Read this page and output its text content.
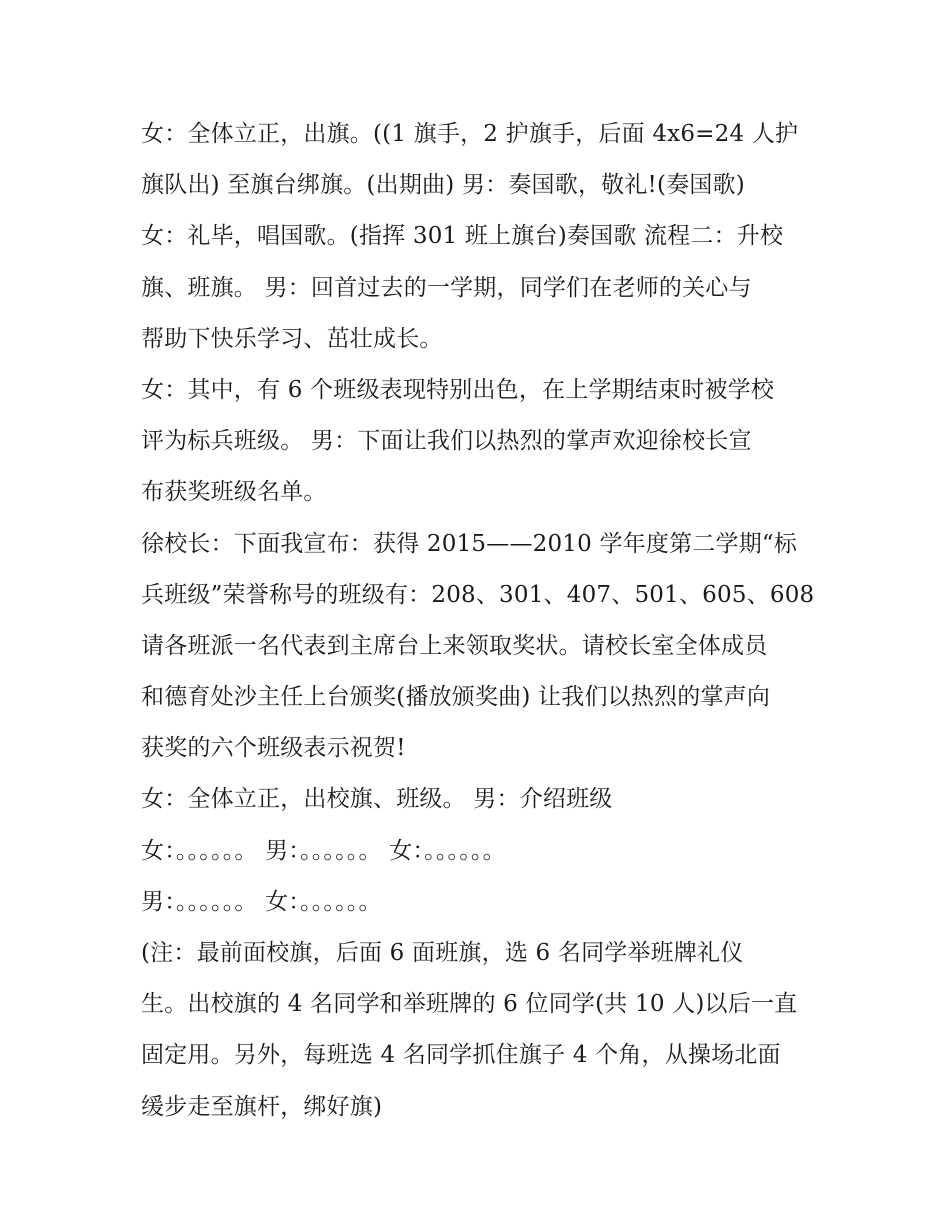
女：全体立正，出旗。((1 旗手，2 护旗手，后面 4x6=24 人护
旗队出) 至旗台绑旗。(出期曲) 男：奏国歌，敬礼!(奏国歌)
女：礼毕，唱国歌。(指挥 301 班上旗台)奏国歌 流程二：升校
旗、班旗。 男：回首过去的一学期，同学们在老师的关心与
帮助下快乐学习、茁壮成长。
女：其中，有 6 个班级表现特别出色，在上学期结束时被学校
评为标兵班级。 男：下面让我们以热烈的掌声欢迎徐校长宣
布获奖班级名单。
徐校长：下面我宣布：获得 2015——2010 学年度第二学期“标
兵班级”荣誉称号的班级有：208、301、407、501、605、608
请各班派一名代表到主席台上来领取奖状。请校长室全体成员
和德育处沙主任上台颁奖(播放颁奖曲) 让我们以热烈的掌声向
获奖的六个班级表示祝贺!
女：全体立正，出校旗、班级。 男：介绍班级
女：。。。。。。 男：。。。。。。 女：。。。。。。
男：。。。。。。 女：。。。。。。
(注：最前面校旗，后面 6 面班旗，选 6 名同学举班牌礼仪
生。出校旗的 4 名同学和举班牌的 6 位同学(共 10 人)以后一直
固定用。另外，每班选 4 名同学抓住旗子 4 个角，从操场北面
缓步走至旗杆，绑好旗)
